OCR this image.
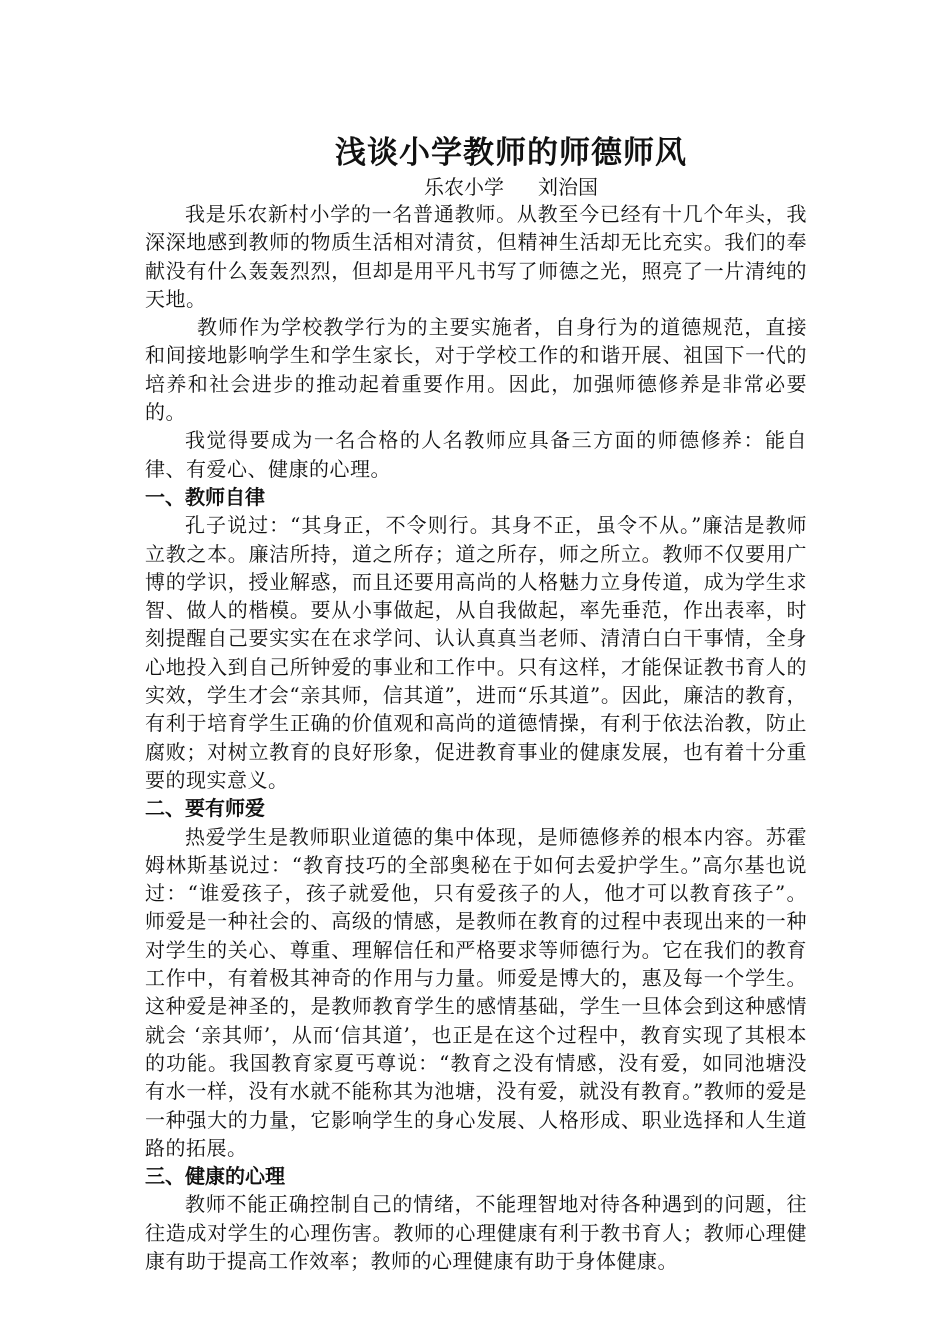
浅谈小学教师的师德师风
乐农小学 刘治国

我是乐农新村小学的一名普通教师。从教至今已经有十几个年头，我深深地感到教师的物质生活相对清贫，但精神生活却无比充实。我们的奉献没有什么轰轰烈烈，但却是用平凡书写了师德之光，照亮了一片清纯的天地。

教师作为学校教学行为的主要实施者，自身行为的道德规范，直接和间接地影响学生和学生家长，对于学校工作的和谐开展、祖国下一代的培养和社会进步的推动起着重要作用。因此，加强师德修养是非常必要的。

我觉得要成为一名合格的人名教师应具备三方面的师德修养：能自律、有爱心、健康的心理。

一、教师自律

孔子说过：“其身正，不令则行。其身不正，虽令不从。”廉洁是教师立教之本。廉洁所持，道之所存；道之所存，师之所立。教师不仅要用广博的学识，授业解惑，而且还要用高尚的人格魅力立身传道，成为学生求智、做人的楷模。要从小事做起，从自我做起，率先垂范，作出表率，时刻提醒自己要实实在在求学问、认认真真当老师、清清白白干事情，全身心地投入到自己所钟爱的事业和工作中。只有这样，才能保证教书育人的实效，学生才会“亲其师，信其道”，进而“乐其道”。因此，廉洁的教育，有利于培育学生正确的价值观和高尚的道德情操，有利于依法治教，防止腐败；对树立教育的良好形象，促进教育事业的健康发展，也有着十分重要的现实意义。

二、要有师爱

热爱学生是教师职业道德的集中体现，是师德修养的根本内容。苏霍姆林斯基说过：“教育技巧的全部奥秘在于如何去爱护学生。”高尔基也说过：“谁爱孩子，孩子就爱他，只有爱孩子的人，他才可以教育孩子”。 师爱是一种社会的、高级的情感，是教师在教育的过程中表现出来的一种对学生的关心、尊重、理解信任和严格要求等师德行为。它在我们的教育工作中，有着极其神奇的作用与力量。师爱是博大的，惠及每一个学生。这种爱是神圣的，是教师教育学生的感情基础，学生一旦体会到这种感情就会 ‘亲其师’，从而‘信其道’，也正是在这个过程中，教育实现了其根本的功能。我国教育家夏丐尊说：“教育之没有情感，没有爱，如同池塘没有水一样，没有水就不能称其为池塘，没有爱，就没有教育。”教师的爱是一种强大的力量，它影响学生的身心发展、人格形成、职业选择和人生道路的拓展。

三、健康的心理

教师不能正确控制自己的情绪，不能理智地对待各种遇到的问题，往往造成对学生的心理伤害。教师的心理健康有利于教书育人；教师心理健康有助于提高工作效率；教师的心理健康有助于身体健康。
